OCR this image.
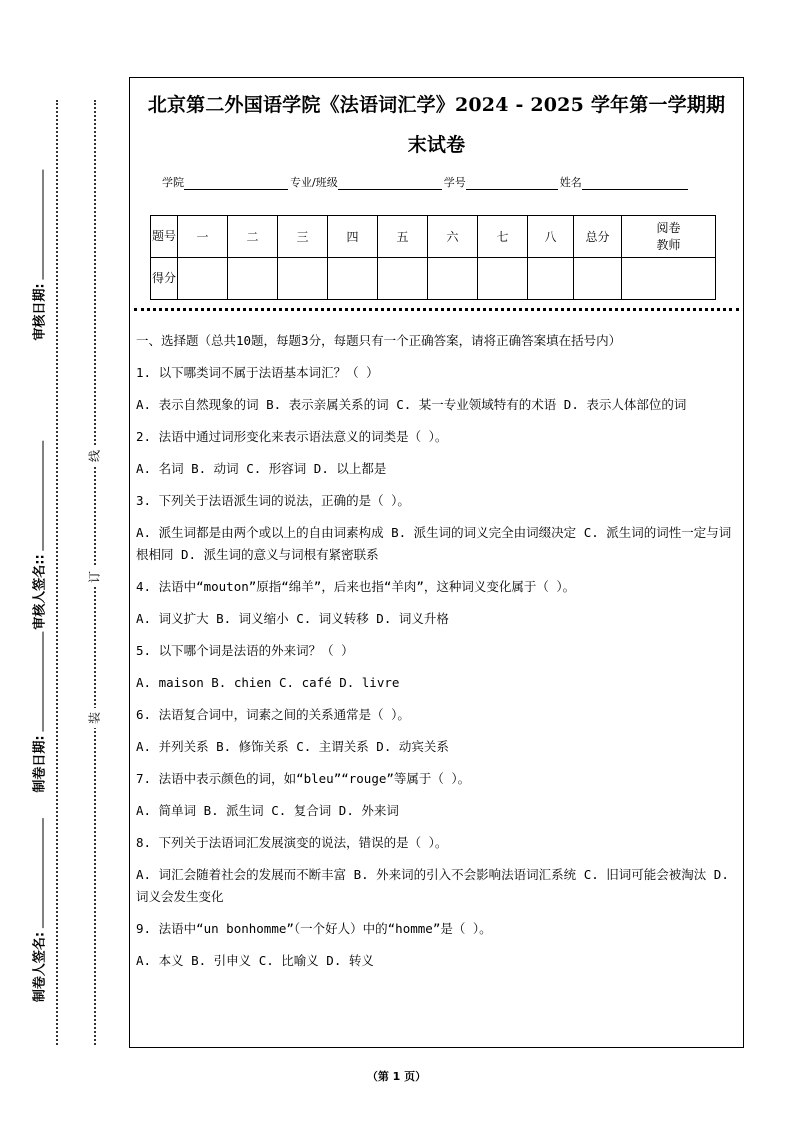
制卷人签名:
制卷日期:
审核人签名::
审核日期:
装
订
线
北京第二外国语学院《法语词汇学》2024 - 2025 学年第一学期期
末试卷
学院	专业/班级	学号	姓名
题号	一	二	三	四	五	六	七	八	总分	阅卷教师
得分										

一、选择题（总共10题，每题3分，每题只有一个正确答案，请将正确答案填在括号内）

1. 以下哪类词不属于法语基本词汇？（ ）

A. 表示自然现象的词 B. 表示亲属关系的词 C. 某一专业领域特有的术语 D. 表示人体部位的词

2. 法语中通过词形变化来表示语法意义的词类是（ ）。

A. 名词 B. 动词 C. 形容词 D. 以上都是

3. 下列关于法语派生词的说法，正确的是（ ）。

A. 派生词都是由两个或以上的自由词素构成 B. 派生词的词义完全由词缀决定 C. 派生词的词性一定与词根相同 D. 派生词的意义与词根有紧密联系

4. 法语中“mouton”原指“绵羊”，后来也指“羊肉”，这种词义变化属于（ ）。

A. 词义扩大 B. 词义缩小 C. 词义转移 D. 词义升格

5. 以下哪个词是法语的外来词？（ ）

A. maison B. chien C. café D. livre

6. 法语复合词中，词素之间的关系通常是（ ）。

A. 并列关系 B. 修饰关系 C. 主谓关系 D. 动宾关系

7. 法语中表示颜色的词，如“bleu”“rouge”等属于（ ）。

A. 简单词 B. 派生词 C. 复合词 D. 外来词

8. 下列关于法语词汇发展演变的说法，错误的是（ ）。

A. 词汇会随着社会的发展而不断丰富 B. 外来词的引入不会影响法语词汇系统 C. 旧词可能会被淘汰 D. 词义会发生变化

9. 法语中“un bonhomme”（一个好人）中的“homme”是（ ）。

A. 本义 B. 引申义 C. 比喻义 D. 转义

（第 1 页）
